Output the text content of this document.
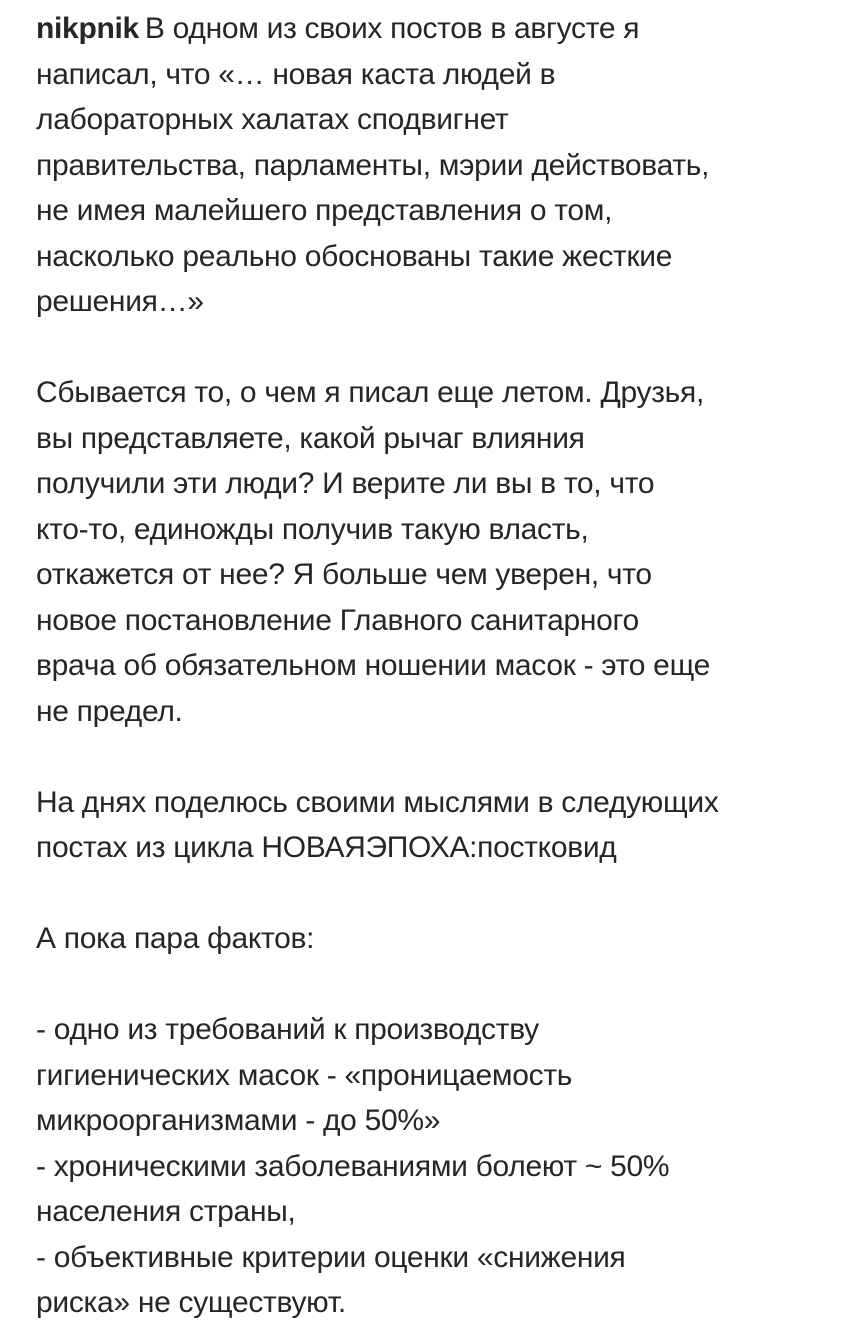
nikpnik В одном из своих постов в августе я
написал, что «… новая каста людей в
лабораторных халатах сподвигнет
правительства, парламенты, мэрии действовать,
не имея малейшего представления о том,
насколько реально обоснованы такие жесткие
решения…»

Сбывается то, о чем я писал еще летом. Друзья,
вы представляете, какой рычаг влияния
получили эти люди? И верите ли вы в то, что
кто-то, единожды получив такую власть,
откажется от нее? Я больше чем уверен, что
новое постановление Главного санитарного
врача об обязательном ношении масок - это еще
не предел.

На днях поделюсь своими мыслями в следующих
постах из цикла НОВАЯЭПОХА:постковид

А пока пара фактов:

- одно из требований к производству
гигиенических масок - «проницаемость
микроорганизмами - до 50%»
- хроническими заболеваниями болеют ~ 50%
населения страны,
- объективные критерии оценки «снижения
риска» не существуют.
